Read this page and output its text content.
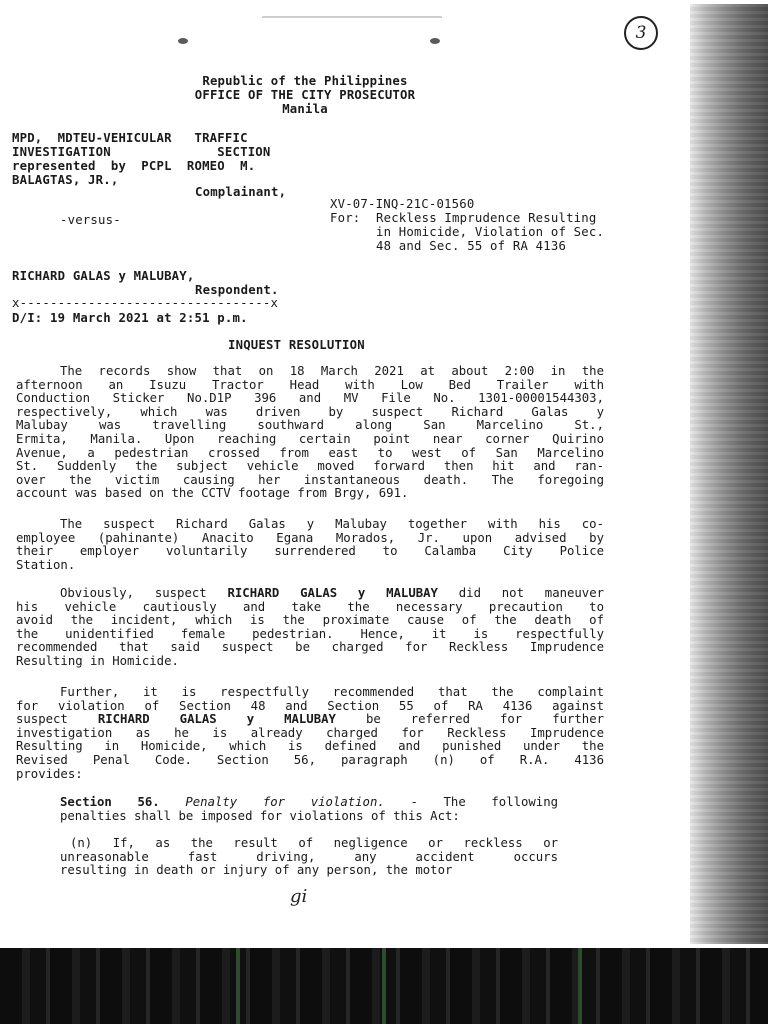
3
Republic of the Philippines
OFFICE OF THE CITY PROSECUTOR
Manila
MPD,  MDTEU-VEHICULAR   TRAFFIC
INVESTIGATION              SECTION
represented  by  PCPL  ROMEO  M.
BALAGTAS, JR.,
Complainant,
XV-07-INQ-21C-01560
For: Reckless Imprudence Resulting
in Homicide, Violation of Sec.
48 and Sec. 55 of RA 4136
-versus-
RICHARD GALAS y MALUBAY,
Respondent.
x---------------------------------x
D/I: 19 March 2021 at 2:51 p.m.
INQUEST RESOLUTION
The records show that on 18 March 2021 at about 2:00 in the
afternoon an Isuzu Tractor Head with Low Bed Trailer with
Conduction Sticker No.D1P 396 and MV File No. 1301-00001544303,
respectively, which was driven by suspect Richard Galas y
Malubay was travelling southward along San Marcelino St.,
Ermita, Manila. Upon reaching certain point near corner Quirino
Avenue, a pedestrian crossed from east to west of San Marcelino
St. Suddenly the subject vehicle moved forward then hit and ran-
over the victim causing her instantaneous death. The foregoing
account was based on the CCTV footage from Brgy, 691.
The suspect Richard Galas y Malubay together with his co-
employee (pahinante) Anacito Egana Morados, Jr. upon advised by
their employer voluntarily surrendered to Calamba City Police
Station.
Obviously, suspect RICHARD GALAS y MALUBAY did not maneuver
his vehicle cautiously and take the necessary precaution to
avoid the incident, which is the proximate cause of the death of
the unidentified female pedestrian. Hence, it is respectfully
recommended that said suspect be charged for Reckless Imprudence
Resulting in Homicide.
Further, it is respectfully recommended that the complaint
for violation of Section 48 and Section 55 of RA 4136 against
suspect RICHARD GALAS y MALUBAY be referred for further
investigation as he is already charged for Reckless Imprudence
Resulting in Homicide, which is defined and punished under the
Revised Penal Code. Section 56, paragraph (n) of R.A. 4136
provides:
Section 56. Penalty for violation. - The following
penalties shall be imposed for violations of this Act:
(n) If, as the result of negligence or reckless or
unreasonable fast driving, any accident occurs
resulting in death or injury of any person, the motor
gi
